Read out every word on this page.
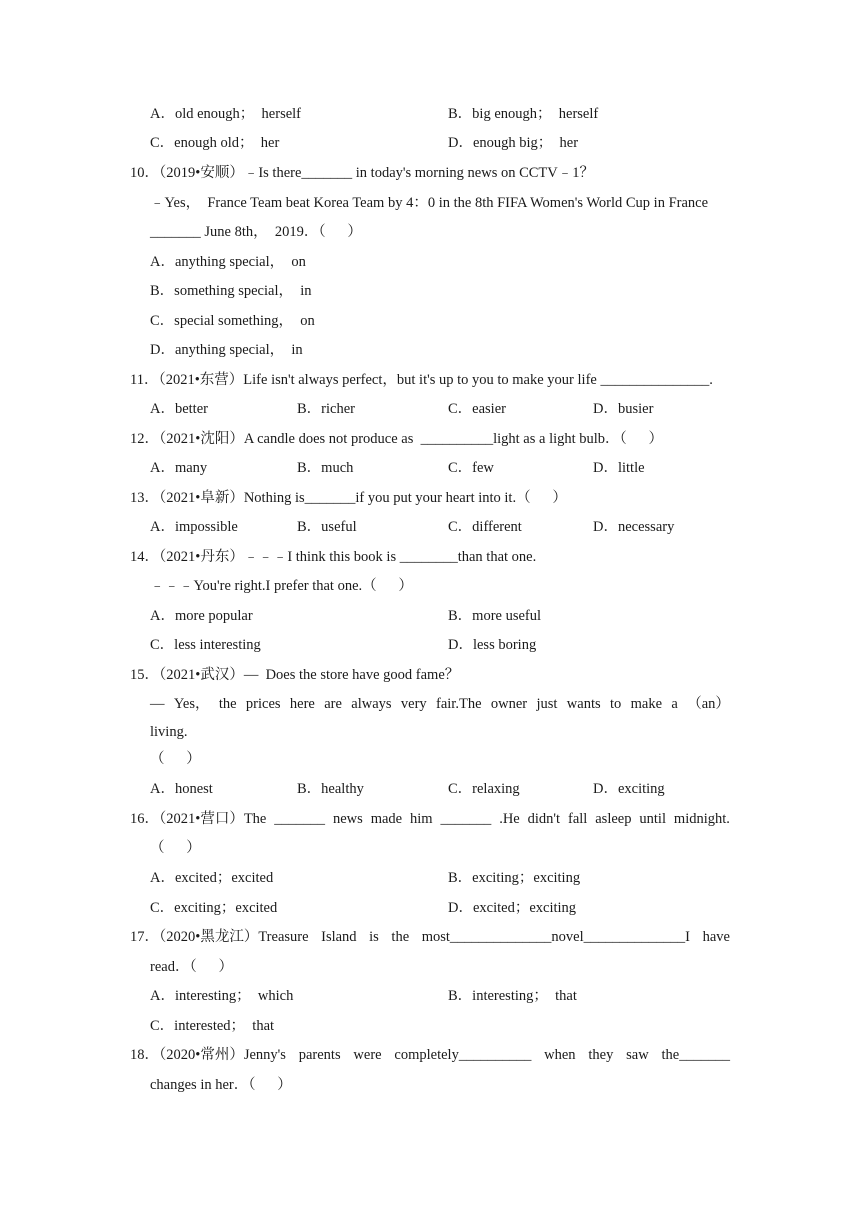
A．old enough；  herself	B．big enough；  herself
C．enough old；  her	D．enough big；  her
10．（2019•安顺）﹣Is there_______ in today's morning news on CCTV﹣1？
﹣Yes，  France Team beat Korea Team by 4：0 in the 8th FIFA Women's World Cup in France
_______ June 8th，  2019．（      ）
A．anything special，  on
B．something special，  in
C．special something，  on
D．anything special，  in
11．（2021•东营）Life isn't always perfect，but it's up to you to make your life _______________.
A．better	B．richer	C．easier	D．busier
12．（2021•沈阳）A candle does not produce as  __________light as a light bulb．（      ）
A．many	B．much	C．few	D．little
13．（2021•阜新）Nothing is_______if you put your heart into it.（      ）
A．impossible	B．useful	C．different	D．necessary
14．（2021•丹东）﹣﹣﹣I think this book is ________than that one.
﹣﹣﹣You're right.I prefer that one.（      ）
A．more popular	B．more useful
C．less interesting	D．less boring
15．（2021•武汉）—  Does the store have good fame？
— Yes， the prices here are always very fair.The owner just wants to make a （an）
living.
（      ）
A．honest	B．healthy	C．relaxing	D．exciting
16．（2021•营口）The _______ news made him _______ .He didn't fall asleep until midnight.
（      ）
A．excited；excited	B．exciting；exciting
C．exciting；excited	D．excited；exciting
17．（2020•黑龙江）Treasure Island is the most______________novel______________I have
read．（      ）
A．interesting；  which	B．interesting；  that
C．interested；  that
18．（2020•常州）Jenny's parents were completely__________ when they saw the_______
changes in her．（      ）
